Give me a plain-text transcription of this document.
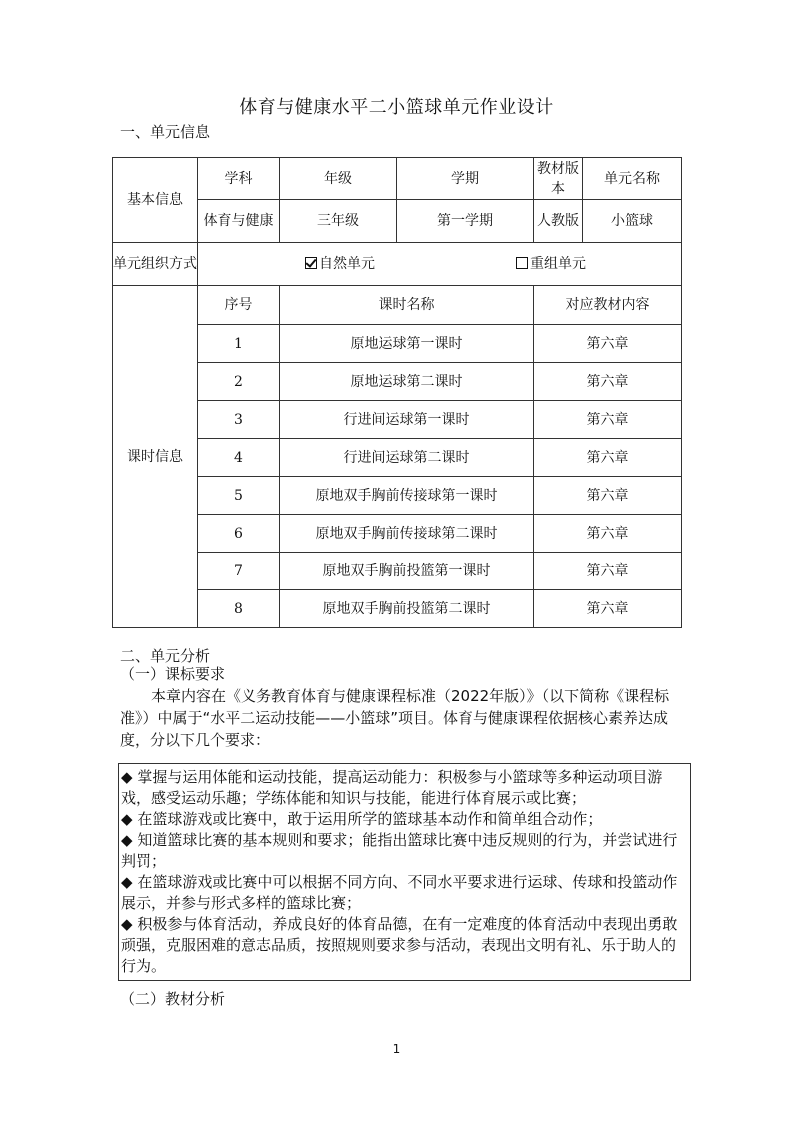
体育与健康水平二小篮球单元作业设计
一、单元信息
基本信息	学科	年级	学期	教材版本	单元名称
	体育与健康	三年级	第一学期	人教版	小篮球
单元组织方式	自然单元 重组单元				

课时信息	序号	课时名称		对应教材内容	
	1	原地运球第一课时		第六章	
	2	原地运球第二课时		第六章	
	3	行进间运球第一课时		第六章	
	4	行进间运球第二课时		第六章	
	5	原地双手胸前传接球第一课时		第六章	
	6	原地双手胸前传接球第二课时		第六章	
	7	原地双手胸前投篮第一课时		第六章	
	8	原地双手胸前投篮第二课时		第六章	
二、单元分析
（一）课标要求
本章内容在《义务教育体育与健康课程标准（2022年版）》（以下简称《课程标准》）中属于“水平二运动技能——小篮球”项目。体育与健康课程依据核心素养达成度，分以下几个要求：
◆ 掌握与运用体能和运动技能，提高运动能力：积极参与小篮球等多种运动项目游戏，感受运动乐趣；学练体能和知识与技能，能进行体育展示或比赛；
◆ 在篮球游戏或比赛中，敢于运用所学的篮球基本动作和简单组合动作；
◆ 知道篮球比赛的基本规则和要求；能指出篮球比赛中违反规则的行为，并尝试进行判罚；
◆ 在篮球游戏或比赛中可以根据不同方向、不同水平要求进行运球、传球和投篮动作展示，并参与形式多样的篮球比赛；
◆ 积极参与体育活动，养成良好的体育品德，在有一定难度的体育活动中表现出勇敢顽强，克服困难的意志品质，按照规则要求参与活动，表现出文明有礼、乐于助人的行为。
（二）教材分析
1
